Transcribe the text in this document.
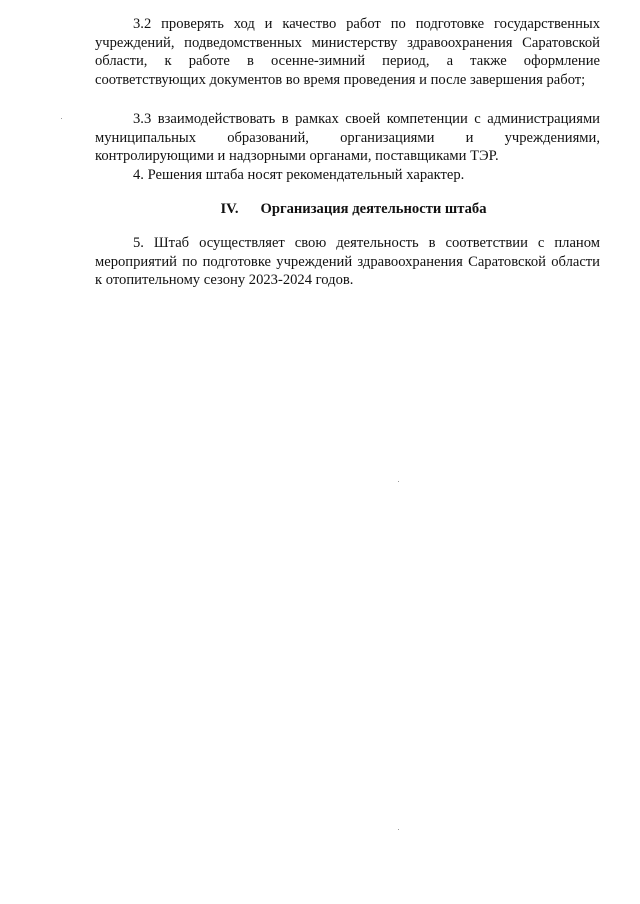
3.2 проверять ход и качество работ по подготовке государственных учреждений, подведомственных министерству здравоохранения Саратовской области, к работе в осенне-зимний период, а также оформление соответствующих документов во время проведения и после завершения работ;

3.3 взаимодействовать в рамках своей компетенции с администрациями муниципальных образований, организациями и учреждениями, контролирующими и надзорными органами, поставщиками ТЭР.

4. Решения штаба носят рекомендательный характер.

IV. Организация деятельности штаба

5. Штаб осуществляет свою деятельность в соответствии с планом мероприятий по подготовке учреждений здравоохранения Саратовской области к отопительному сезону 2023-2024 годов.
